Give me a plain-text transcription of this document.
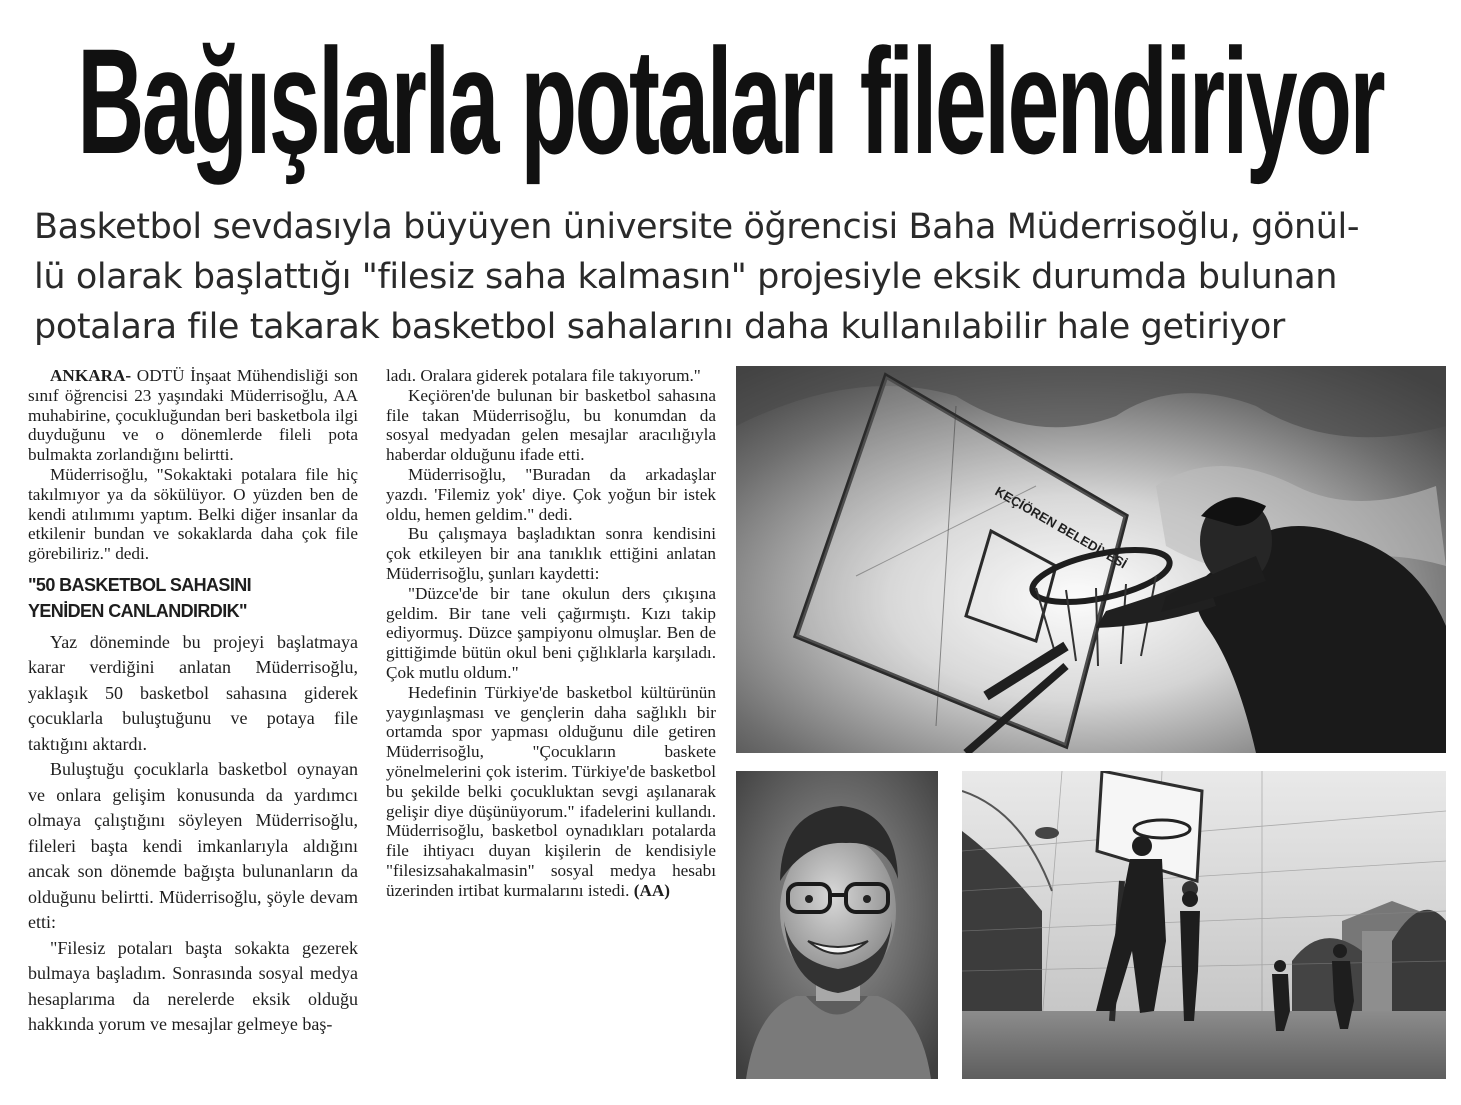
Bağışlarla potaları filelendiriyor
Basketbol sevdasıyla büyüyen üniversite öğrencisi Baha Müderrisoğlu, gönül-
lü olarak başlattığı "filesiz saha kalmasın" projesiyle eksik durumda bulunan
potalara file takarak basketbol sahalarını daha kullanılabilir hale getiriyor

ANKARA- ODTÜ İnşaat Mühendisliği son sınıf öğrencisi 23 yaşındaki Müderrisoğlu, AA muhabirine, çocukluğundan beri basketbola ilgi duyduğunu ve o dönemlerde fileli pota bulmakta zorlandığını belirtti.

Müderrisoğlu, "Sokaktaki potalara file hiç takılmıyor ya da sökülüyor. O yüzden ben de kendi atılımımı yaptım. Belki diğer insanlar da etkilenir bundan ve sokaklarda daha çok file görebiliriz." dedi.

"50 BASKETBOL SAHASINI

YENİDEN CANLANDIRDIK"

Yaz döneminde bu projeyi başlatmaya karar verdiğini anlatan Müderrisoğlu, yaklaşık 50 basketbol sahasına giderek çocuklarla buluştuğunu ve potaya file taktığını aktardı.

Buluştuğu çocuklarla basketbol oynayan ve onlara gelişim konusunda da yardımcı olmaya çalıştığını söyleyen Müderrisoğlu, fileleri başta kendi imkanlarıyla aldığını ancak son dönemde bağışta bulunanların da olduğunu belirtti. Müderrisoğlu, şöyle devam etti:

"Filesiz potaları başta sokakta gezerek bulmaya başladım. Sonrasında sosyal medya hesaplarıma da nerelerde eksik olduğu hakkında yorum ve mesajlar gelmeye baş-

ladı. Oralara giderek potalara file takıyorum."

Keçiören'de bulunan bir basketbol sahasına file takan Müderrisoğlu, bu konumdan da sosyal medyadan gelen mesajlar aracılığıyla haberdar olduğunu ifade etti.

Müderrisoğlu, "Buradan da arkadaşlar yazdı. 'Filemiz yok' diye. Çok yoğun bir istek oldu, hemen geldim." dedi.

Bu çalışmaya başladıktan sonra kendisini çok etkileyen bir ana tanıklık ettiğini anlatan Müderrisoğlu, şunları kaydetti:

"Düzce'de bir tane okulun ders çıkışına geldim. Bir tane veli çağırmıştı. Kızı takip ediyormuş. Düzce şampiyonu olmuşlar. Ben de gittiğimde bütün okul beni çığlıklarla karşıladı. Çok mutlu oldum."

Hedefinin Türkiye'de basketbol kültürünün yaygınlaşması ve gençlerin daha sağlıklı bir ortamda spor yapması olduğunu dile getiren Müderrisoğlu, "Çocukların baskete yönelmelerini çok isterim. Türkiye'de basketbol bu şekilde belki çocukluktan sevgi aşılanarak gelişir diye düşünüyorum." ifadelerini kullandı. Müderrisoğlu, basketbol oynadıkları potalarda file ihtiyacı duyan kişilerin de kendisiyle "filesizsahakalmasin" sosyal medya hesabı üzerinden irtibat kurmalarını istedi. (AA)

KEÇİÖREN BELEDİYESİ
